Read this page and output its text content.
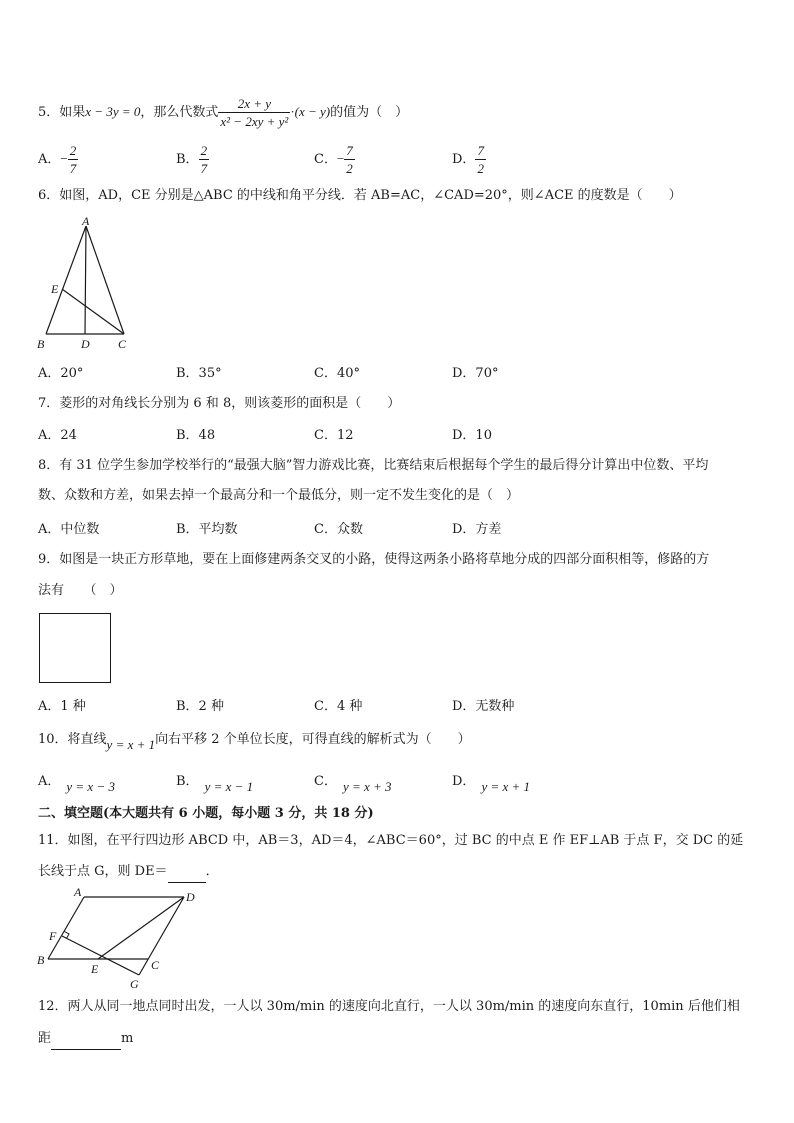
5．如果x − 3y = 0，那么代数式 $\frac{2x + y}{\text{x² − 2xy + y²}} \cdot(x - y)$的值为（　）
A．− $\frac{2}{7}$	B． $\frac{2}{7}$	C．− $\frac{7}{2}$	D． $\frac{7}{2}$
6．如图，AD，CE 分别是△ABC 的中线和角平分线．若 AB=AC，∠CAD=20°，则∠ACE 的度数是（　　）
A
E
B	D C
A．20°	B．35°	C．40°	D．70°
7．菱形的对角线长分别为 6 和 8，则该菱形的面积是（　　）
A．24	B．48	C．12	D．10
8．有 31 位学生参加学校举行的“最强大脑”智力游戏比赛，比赛结束后根据每个学生的最后得分计算出中位数、平均
数、众数和方差，如果去掉一个最高分和一个最低分，则一定不发生变化的是（　）
A．中位数	B．平均数	C．众数	D．方差
9．如图是一块正方形草地，要在上面修建两条交叉的小路，使得这两条小路将草地分成的四部分面积相等，修路的方
法有　　（　）
A．1 种	B．2 种	C．4 种	D．无数种
10．将直线y = x + 1向右平移 2 个单位长度，可得直线的解析式为（　　）
A． y = x − 3	B． y = x − 1	C． y = x + 3	D． y = x + 1
二、填空题(本大题共有 6 小题，每小题 3 分，共 18 分)
11．如图，在平行四边形 ABCD 中，AB＝3，AD＝4，∠ABC＝60°，过 BC 的中点 E 作 EF⊥AB 于点 F，交 DC 的延
长线于点 G，则 DE＝	．
A	D
F
B
E	C
G
12．两人从同一地点同时出发，一人以 30m/min 的速度向北直行，一人以 30m/min 的速度向东直行，10min 后他们相
距	m
